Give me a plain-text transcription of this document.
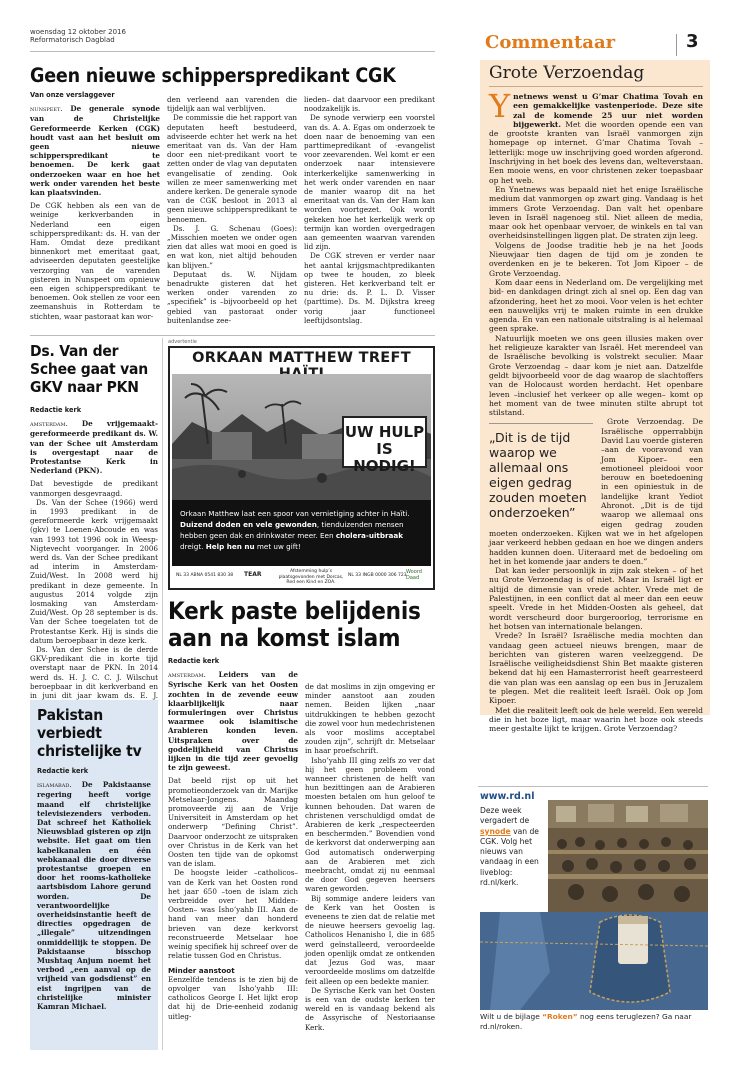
woensdag 12 oktober 2016
Reformatorisch Dagblad	Commentaar	3
Geen nieuwe schipperspredikant CGK
Van onze verslaggever

nunspeet. De generale synode van de Christelijke Gereformeerde Kerken (CGK) houdt vast aan het besluit om geen nieuwe schipperspredikant te benoemen. De kerk gaat onderzoeken waar en hoe het werk onder varenden het beste kan plaatsvinden.

De CGK hebben als een van de weinige kerkverbanden in Nederland een eigen schipperspredikant: ds. H. van der Ham. Omdat deze predikant binnenkort met emeritaat gaat, adviseerden deputaten geestelijke verzorging van de varenden gisteren in Nunspeet om opnieuw een eigen schipperspredikant te benoemen. Ook stellen ze voor een zeemanshuis in Rotterdam te stichten, waar pastoraat kan wor-

den verleend aan varenden die tijdelijk aan wal verblijven.

De commissie die het rapport van deputaten heeft bestudeerd, adviseerde echter het werk na het emeritaat van ds. Van der Ham door een niet-predikant voort te zetten onder de vlag van deputaten evangelisatie of zending. Ook willen ze meer samenwerking met andere kerken. De generale synode van de CGK besloot in 2013 al geen nieuwe schipperspredikant te benoemen.

Ds. J. G. Schenau (Goes): „Misschien moeten we onder ogen zien dat alles wat mooi en goed is en wat kon, niet altijd behouden kan blijven.”

Deputaat ds. W. Nijdam benadrukte gisteren dat het werken onder varenden zo „specifiek” is –bijvoorbeeld op het gebied van pastoraat onder buitenlandse zee-

lieden– dat daarvoor een predikant noodzakelijk is.

De synode verwierp een voorstel van ds. A. A. Egas om onderzoek te doen naar de benoeming van een parttimepredikant of -evangelist voor zeevarenden. Wel komt er een onderzoek naar intensievere interkerkelijke samenwerking in het werk onder varenden en naar de manier waarop dit na het emeritaat van ds. Van der Ham kan worden voortgezet. Ook wordt gekeken hoe het kerkelijk werk op termijn kan worden overgedragen aan gemeenten waarvan varenden lid zijn.

De CGK streven er verder naar het aantal krijgsmachtpredikanten op twee te houden, zo bleek gisteren. Het kerkverband telt er nu drie: ds. P. L. D. Visser (parttime). Ds. M. Dijkstra kreeg vorig jaar functioneel leeftijdsontslag.

Ds. Van der Schee gaat van GKV naar PKN
Redactie kerk

amsterdam. De vrijgemaakt-gereformeerde predikant ds. W. van der Schee uit Amsterdam is overgestapt naar de Protestantse Kerk in Nederland (PKN).

Dat bevestigde de predikant vanmorgen desgevraagd.

Ds. Van der Schee (1966) werd in 1993 predikant in de gereformeerde kerk vrijgemaakt (gkv) te Loenen-Abcoude en was van 1993 tot 1996 ook in Weesp-Nigtevecht voorganger. In 2006 werd ds. Van der Schee predikant ad interim in Amsterdam-Zuid/West. In 2008 werd hij predikant in deze gemeente. In augustus 2014 volgde zijn losmaking van Amsterdam-Zuid/West. Op 28 september is ds. Van der Schee toegelaten tot de Protestantse Kerk. Hij is sinds die datum beroepbaar in deze kerk.

Ds. Van der Schee is de derde GKV-predikant die in korte tijd overstapt naar de PKN. In 2014 werd ds. H. J. C. C. J. Wilschut beroepbaar in dit kerkverband en in juni dit jaar kwam ds. E. J.

Pakistan verbiedt christelijke tv
Redactie kerk

islamabad. De Pakistaanse regering heeft vorige maand elf christelijke televisiezenders verboden. Dat schreef het Katholiek Nieuwsblad gisteren op zijn website. Het gaat om tien kabelkanalen en één webkanaal die door diverse protestantse groepen en door het rooms-katholieke aartsbisdom Lahore gerund worden. De verantwoordelijke overheidsinstantie heeft de directies opgedragen de „illegale” uitzendingen onmiddellijk te stoppen. De Pakistaanse bisschop Mushtaq Anjum noemt het verbod „een aanval op de vrijheid van godsdienst” en eist ingrijpen van de christelijke minister Kamran Michael.

advertentie
ORKAAN MATTHEW TREFT
UW HULP
IS NODIG!
Orkaan Matthew laat een spoor van vernietiging achter in Haïti. Duizend doden en vele gewonden, tienduizenden mensen hebben geen dak en drinkwater meer. Een cholera-uitbraak dreigt. Help hen nu met uw gift!
NL 33 ABNA 0541 830 38 TEAR	Afstemming hulp’s plaatsgevonden met Dorcas, Red een Kind en ZOA.
NL 33 INGB 0000 306 723
Woord Daad
Kerk paste belijdenis aan na komst islam
Redactie kerk

amsterdam. Leiders van de Syrische Kerk van het Oosten zochten in de zevende eeuw klaarblijkelijk naar formuleringen over Christus waarmee ook islamitische Arabieren konden leven. Uitspraken over de goddelijkheid van Christus lijken in die tijd zeer gevoelig te zijn geweest.

Dat beeld rijst op uit het promotieonderzoek van dr. Marijke Metselaar-Jongens. Maandag promoveerde zij aan de Vrije Universiteit in Amsterdam op het onderwerp “Defining Christ”. Daarvoor onderzocht ze uitspraken over Christus in de Kerk van het Oosten ten tijde van de opkomst van de islam.

De hoogste leider –catholicos– van de Kerk van het Oosten rond het jaar 650 –toen de islam zich verbreidde over het Midden-Oosten– was Isho’yahb III. Aan de hand van meer dan honderd brieven van deze kerkvorst reconstrueerde Metselaar hoe weinig specifiek hij schreef over de relatie tussen God en Christus.

Minder aanstoot

Eenzelfde tendens is te zien bij de opvolger van Isho’yahb III: catholicos George I. Het lijkt erop dat hij de Drie-eenheid zodanig uitleg-

de dat moslims in zijn omgeving er minder aanstoot aan zouden nemen. Beiden lijken „naar uitdrukkingen te hebben gezocht die zowel voor hun medechristenen als voor moslims acceptabel zouden zijn”, schrijft dr. Metselaar in haar proefschrift.

Isho’yahb III ging zelfs zo ver dat hij het geen probleem vond wanneer christenen de helft van hun bezittingen aan de Arabieren moesten betalen om hun geloof te kunnen behouden. Dat waren de christenen verschuldigd omdat de Arabieren de kerk „respecteerden en beschermden.” Bovendien vond de kerkvorst dat onderwerping aan God automatisch onderwerping aan de Arabieren met zich meebracht, omdat zij nu eenmaal de door God gegeven heersers waren geworden.

Bij sommige andere leiders van de Kerk van het Oosten is eveneens te zien dat de relatie met de nieuwe heersers gevoelig lag. Catholicos Henanisho I, die in 685 werd geïnstalleerd, veroordeelde joden openlijk omdat ze ontkenden dat Jezus God was, maar veroordeelde moslims om datzelfde feit alleen op een bedekte manier.

De Syrische Kerk van het Oosten is een van de oudste kerken ter wereld en is vandaag bekend als de Assyrische of Nestoriaanse Kerk.

Grote Verzoendag

Y netnews wenst u G’mar Chatima Tovah en een gemakkelijke vastenperiode. Deze site zal de komende 25 uur niet worden bijgewerkt. Met die woorden opende een van de grootste kranten van Israël vanmorgen zijn homepage op internet. G’mar Chatima Tovah – letterlijk: moge uw inschrijving goed worden afgerond. Inschrijving in het boek des levens dan, welteverstaan. Een mooie wens, en voor christenen zeker toepasbaar op het web.

En Ynetnews was bepaald niet het enige Israëlische medium dat vanmorgen op zwart ging. Vandaag is het immers Grote Verzoendag. Dan valt het openbare leven in Israël nagenoeg stil. Niet alleen de media, maar ook het openbaar vervoer, de winkels en tal van overheidsinstellingen liggen plat. De straten zijn leeg.

Volgens de Joodse traditie heb je na het Joods Nieuwjaar tien dagen de tijd om je zonden te overdenken en je te bekeren. Tot Jom Kipoer – de Grote Verzoendag.

Kom daar eens in Nederland om. De vergelijking met bid- en dankdagen dringt zich al snel op. Een dag van afzondering, heet het zo mooi. Voor velen is het echter een nauwelijks vrij te maken ruimte in een drukke agenda. En van een nationale uitstraling is al helemaal geen sprake.

Natuurlijk moeten we ons geen illusies maken over het religieuze karakter van Israël. Het merendeel van de Israëlische bevolking is volstrekt seculier. Maar Grote Verzoendag – daar kom je niet aan. Datzelfde geldt bijvoorbeeld voor de dag waarop de slachtoffers van de Holocaust worden herdacht. Het openbare leven –inclusief het verkeer op alle wegen– komt op het moment van de twee minuten stilte abrupt tot stilstand.

„Dit is de tijd waarop we allemaal ons eigen gedrag zouden moeten onderzoeken”
Grote Verzoendag. De Israëlische opperrabbijn David Lau voerde gisteren –aan de vooravond van Jom Kipoer– een emotioneel pleidooi voor berouw en boetedoening in een opiniestuk in de landelijke krant Yediot Ahronot. „Dit is de tijd waarop we allemaal ons eigen gedrag zouden moeten onderzoeken. Kijken wat we in het afgelopen jaar verkeerd hebben gedaan en hoe we dingen anders hadden kunnen doen. Uiteraard met de bedoeling om het in het komende jaar anders te doen.”

Dat kan ieder persoonlijk in zijn zak steken – of het nu Grote Verzoendag is of niet. Maar in Israël ligt er altijd de dimensie van vrede achter. Vrede met de Palestijnen, in een conflict dat al meer dan een eeuw speelt. Vrede in het Midden-Oosten als geheel, dat wordt verscheurd door burgeroorlog, terrorisme en het botsen van internationale belangen.

Vrede? In Israël? Israëlische media mochten dan vandaag geen actueel nieuws brengen, maar de berichten van gisteren waren veelzeggend. De Israëlische veiligheidsdienst Shin Bet maakte gisteren bekend dat hij een Hamasterrorist heeft gearresteerd die van plan was een aanslag op een bus in Jeruzalem te plegen. Met die realiteit leeft Israël. Ook op Jom Kipoer.

Met die realiteit leeft ook de hele wereld. Een wereld die in het boze ligt, maar waarin het boze ook steeds meer gestalte lijkt te krijgen. Grote Verzoendag?

www.rd.nl
Deze week vergadert de synode van de CGK. Volg het nieuws van vandaag in een liveblog: rd.nl/kerk.
Wilt u de bijlage “Roken” nog eens teruglezen? Ga naar rd.nl/roken.
